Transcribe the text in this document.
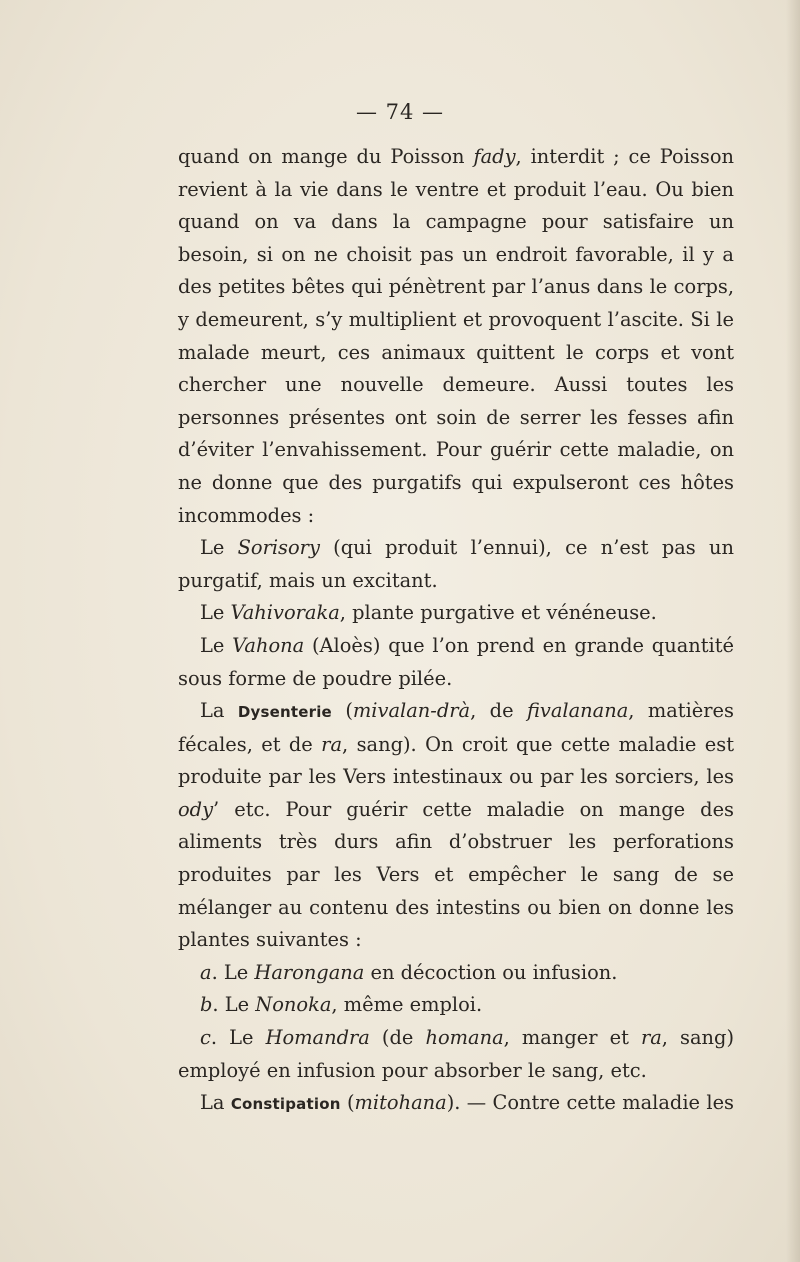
— 74 —

quand on mange du Poisson fady, interdit ; ce Poisson revient à la vie dans le ventre et produit l’eau. Ou bien quand on va dans la campagne pour satisfaire un besoin, si on ne choisit pas un endroit favorable, il y a des petites bêtes qui pénètrent par l’anus dans le corps, y demeurent, s’y multiplient et provoquent l’ascite. Si le malade meurt, ces animaux quittent le corps et vont chercher une nouvelle demeure. Aussi toutes les personnes présentes ont soin de serrer les fesses afin d’éviter l’envahissement. Pour guérir cette maladie, on ne donne que des purgatifs qui expulseront ces hôtes incommodes :

Le Sorisory (qui produit l’ennui), ce n’est pas un purgatif, mais un excitant.

Le Vahivoraka, plante purgative et vénéneuse.

Le Vahona (Aloès) que l’on prend en grande quantité sous forme de poudre pilée.

La Dysenterie (mivalan-drà, de fivalanana, matières fécales, et de ra, sang). On croit que cette maladie est produite par les Vers intestinaux ou par les sorciers, les ody’ etc. Pour guérir cette maladie on mange des aliments très durs afin d’obstruer les perforations produites par les Vers et empêcher le sang de se mélanger au contenu des intestins ou bien on donne les plantes suivantes :

a. Le Harongana en décoction ou infusion.

b. Le Nonoka, même emploi.

c. Le Homandra (de homana, manger et ra, sang) employé en infusion pour absorber le sang, etc.

La Constipation (mitohana). — Contre cette maladie les
